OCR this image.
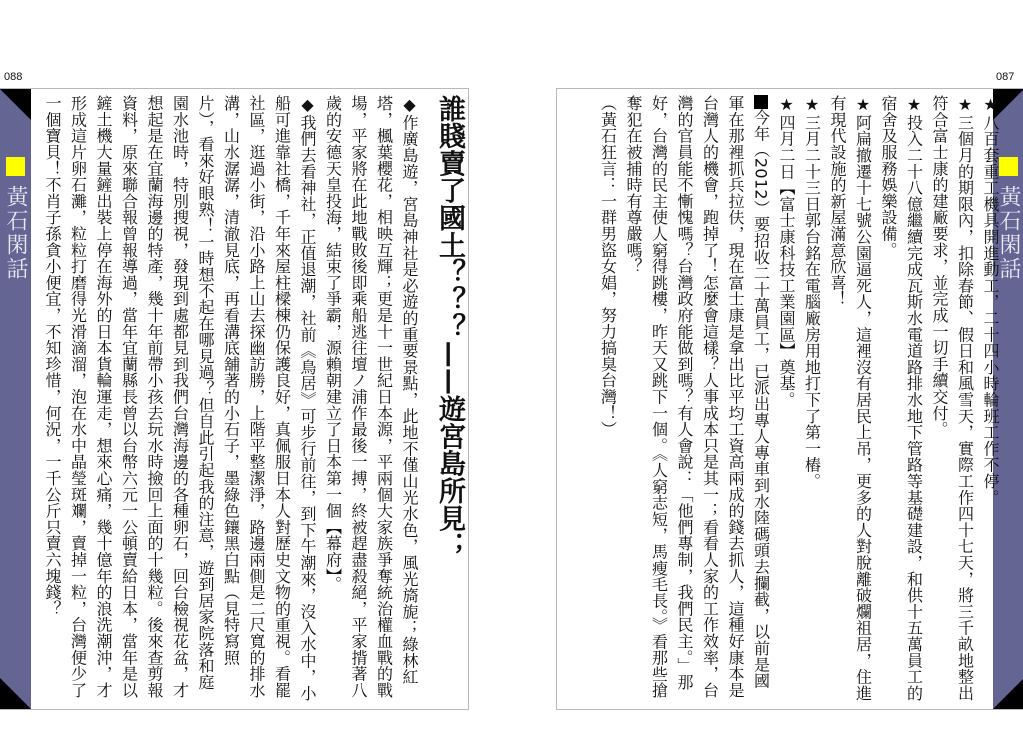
088
黃石閑話	誰賤賣了國土？？？——遊宮島所見；

◆作廣島遊，宮島神社是必遊的重要景點，此地不僅山光水色，風光旖旎；綠林紅塔，楓葉櫻花，相映互輝；更是十一世紀日本源，平兩個大家族爭奪統治權血戰的戰場，平家將在此地戰敗後即乘船逃往壇ノ浦作最後一搏，終被趕盡殺絕，平家揹著八歲的安德天皇投海，結束了爭霸，源賴朝建立了日本第一個【幕府】。

◆我們去看神社，正值退潮，社前《鳥居》可步行前往，到下午潮來，沒入水中，小船可進靠社橋，千年來屋柱樑棟仍保護良好，真佩服日本人對歷史文物的重視。看罷社區，逛過小街，沿小路上山去探幽訪勝，上階平整潔淨，路邊兩側是二尺寬的排水溝，山水潺潺，清澈見底，再看溝底舖著的小石子，墨綠色鑲黑白點（見特寫照片），看來好眼熟！一時想不起在哪見過？但自此引起我的注意，遊到居家院落和庭園水池時，特別搜視，發現到處都見到我們台灣海邊的各種卵石，回台檢視花盆，才想起是在宜蘭海邊的特產，幾十年前帶小孩去玩水時撿回上面的十幾粒。後來查剪報資料，原來聯合報曾報導過，當年宜蘭縣長曾以台幣六元一公頓賣給日本，當年是以鏟土機大量鏟出裝上停在海外的日本貨輪運走，想來心痛，幾十億年的浪洗潮沖，才形成這片卵石灘，粒粒打磨得光滑滴溜，泡在水中晶瑩斑斕，賣掉一粒，台灣便少了一個寶貝！不肖子孫貪小便宜，不知珍惜，何況，一千公斤只賣六塊錢？

087
黃石閑話

★八百套重工機具開進動工，二十四小時輪班工作不停。

★三個月的期限內，扣除春節、假日和風雪天，實際工作四十七天，將三千畝地整出符合富士康的建廠要求，並完成一切手續交付。

★投入二十八億繼續完成瓦斯水電道路排水地下管路等基礎建設，和供十五萬員工的宿舍及服務娛樂設備。

★阿扁撤遷十七號公園逼死人，這裡沒有居民上吊，更多的人對脫離破爛祖居，住進有現代設施的新屋滿意欣喜！

★三月二十三日郭台銘在電腦廠房用地打下了第一樁。

★四月二日【富士康科技工業園區】奠基。

今年（2012）要招收二十萬員工，已派出專人專車到水陸碼頭去攔截，以前是國軍在那裡抓兵拉伕，現在富士康是拿出比平均工資高兩成的錢去抓人，這種好康本是台灣人的機會，跑掉了！怎麼會這樣？人事成本只是其一；看看人家的工作效率，台灣的官員能不慚愧嗎？台灣政府能做到嗎？有人會說：「他們專制，我們民主。」那好，台灣的民主使人窮得跳樓，昨天又跳下一個。《人窮志短，馬瘦毛長。》看那些搶奪犯在被捕時有尊嚴嗎？

（黃石狂言：一群男盜女娼，努力搞臭台灣！）
